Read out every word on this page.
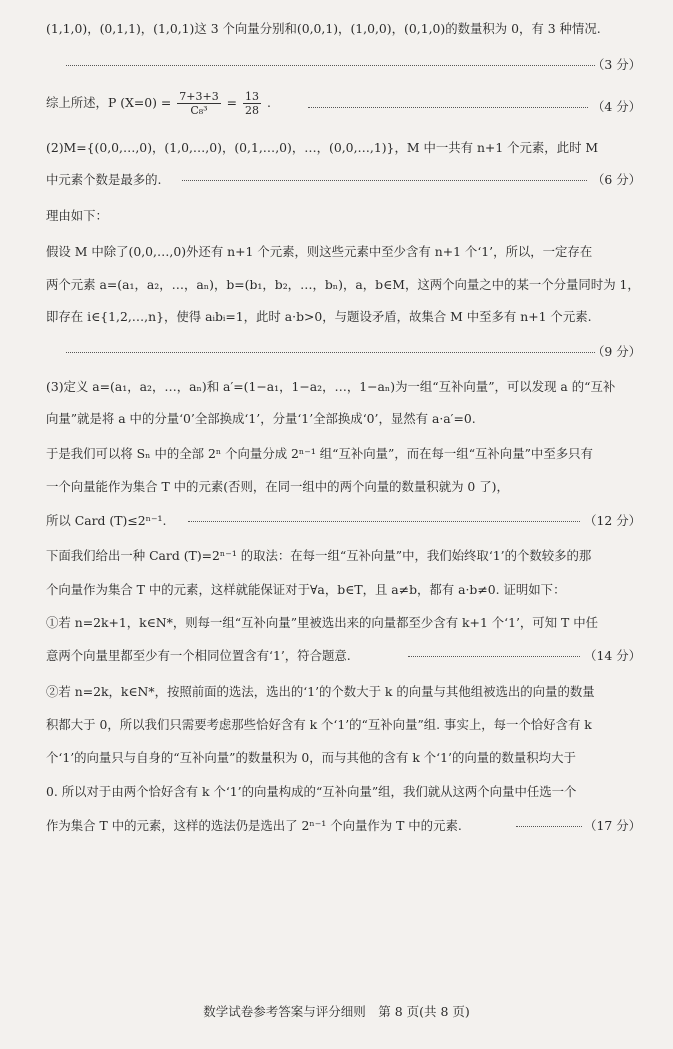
(1,1,0)，(0,1,1)，(1,0,1)这 3 个向量分别和(0,0,1)，(1,0,0)，(0,1,0)的数量积为 0，有 3 种情况.
（3 分）
综上所述，P $(X=0) = \frac{7+3+3}{\text{C₈³}} = \frac{13}{28}$ .	（4 分）
(2)M={(0,0,…,0)，(1,0,…,0)，(0,1,…,0)，…，(0,0,…,1)}，M 中一共有 n+1 个元素，此时 M
中元素个数是最多的.	（6 分）
理由如下：
假设 M 中除了(0,0,…,0)外还有 n+1 个元素，则这些元素中至少含有 n+1 个‘1’，所以，一定存在
两个元素 a=(a₁，a₂，…，aₙ)，b=(b₁，b₂，…，bₙ)，a，b∈M，这两个向量之中的某一个分量同时为 1，
即存在 i∈{1,2,…,n}，使得 aᵢbᵢ=1，此时 a·b>0，与题设矛盾，故集合 M 中至多有 n+1 个元素.
（9 分）
(3)定义 a=(a₁，a₂，…，aₙ)和 a′=(1−a₁，1−a₂，…，1−aₙ)为一组“互补向量”，可以发现 a 的“互补
向量”就是将 a 中的分量‘0’全部换成‘1’，分量‘1’全部换成‘0’，显然有 a·a′=0.
于是我们可以将 Sₙ 中的全部 2ⁿ 个向量分成 2ⁿ⁻¹ 组“互补向量”，而在每一组“互补向量”中至多只有
一个向量能作为集合 T 中的元素(否则，在同一组中的两个向量的数量积就为 0 了)，
所以 Card (T)≤2ⁿ⁻¹.	（12 分）
下面我们给出一种 Card (T)=2ⁿ⁻¹ 的取法：在每一组“互补向量”中，我们始终取‘1’的个数较多的那
个向量作为集合 T 中的元素，这样就能保证对于∀a，b∈T，且 a≠b，都有 a·b≠0. 证明如下：
①若 n=2k+1，k∈N*，则每一组“互补向量”里被选出来的向量都至少含有 k+1 个‘1’，可知 T 中任
意两个向量里都至少有一个相同位置含有‘1’，符合题意.	（14 分）
②若 n=2k，k∈N*，按照前面的选法，选出的‘1’的个数大于 k 的向量与其他组被选出的向量的数量
积都大于 0，所以我们只需要考虑那些恰好含有 k 个‘1’的“互补向量”组. 事实上，每一个恰好含有 k
个‘1’的向量只与自身的“互补向量”的数量积为 0，而与其他的含有 k 个‘1’的向量的数量积均大于
0. 所以对于由两个恰好含有 k 个‘1’的向量构成的“互补向量”组，我们就从这两个向量中任选一个
作为集合 T 中的元素，这样的选法仍是选出了 2ⁿ⁻¹ 个向量作为 T 中的元素.	（17 分）
数学试卷参考答案与评分细则　第 8 页(共 8 页)
